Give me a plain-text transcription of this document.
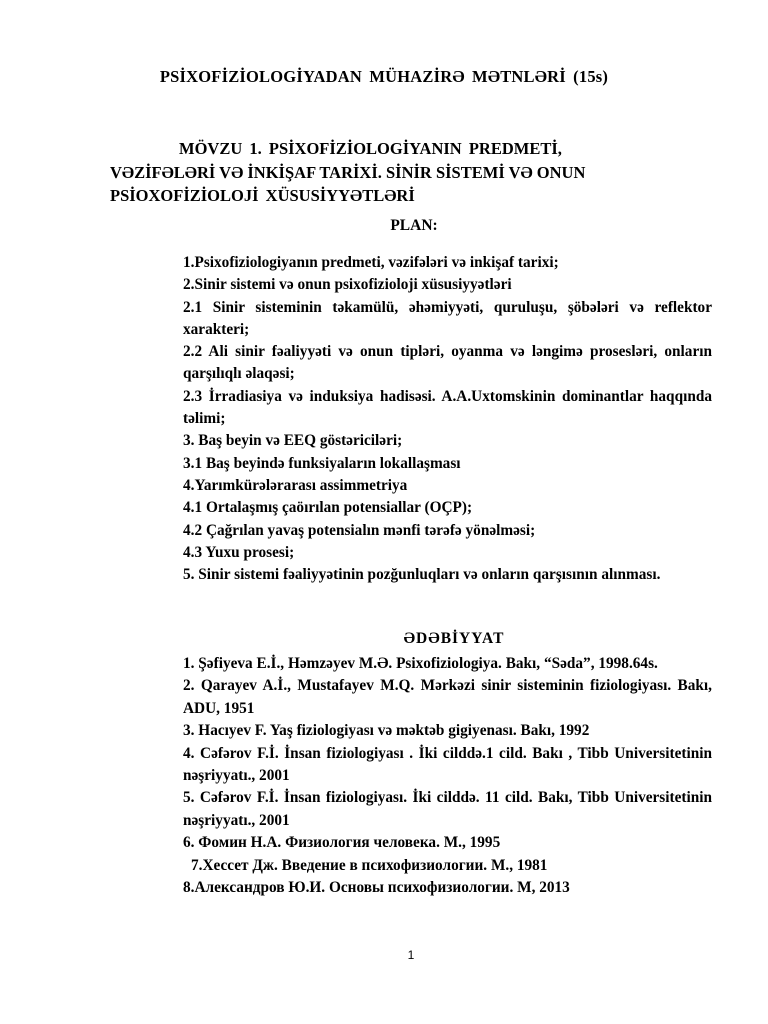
PSİXOFİZİOLOGİYADAN MÜHAZİRƏ MƏTNLƏRİ (15s)
MÖVZU 1. PSİXOFİZİOLOGİYANIN PREDMETİ,
VƏZİFƏLƏRİ VƏ İNKİŞAF TARİXİ. SİNİR SİSTEMİ VƏ ONUN
PSİOXOFİZİOLOJİ XÜSUSİYYƏTLƏRİ
PLAN:
1.Psixofiziologiyanın predmeti, vəzifələri və inkişaf tarixi;
2.Sinir sistemi və onun psixofizioloji xüsusiyyətləri
2.1 Sinir sisteminin təkamülü, əhəmiyyəti, quruluşu, şöbələri və reflektor xarakteri;
2.2 Ali sinir fəaliyyəti və onun tipləri, oyanma və ləngimə prosesləri, onların qarşılıqlı əlaqəsi;
2.3 İrradiasiya və induksiya hadisəsi. A.A.Uxtomskinin dominantlar haqqında təlimi;
3. Baş beyin və EEQ göstəriciləri;
3.1 Baş beyində funksiyaların lokallaşması
4.Yarımkürələrarası assimmetriya
4.1 Ortalaşmış çaöırılan potensiallar (OÇP);
4.2 Çağrılan yavaş potensialın mənfi tərəfə yönəlməsi;
4.3 Yuxu prosesi;
5. Sinir sistemi fəaliyyətinin pozğunluqları və onların qarşısının alınması.
ƏDƏBİYYAT
1. Şəfiyeva E.İ., Həmzəyev M.Ə. Psixofiziologiya. Bakı, “Səda”, 1998.64s.
2. Qarayev A.İ., Mustafayev M.Q. Mərkəzi sinir sisteminin fiziologiyası. Bakı, ADU, 1951
3. Hacıyev F. Yaş fiziologiyası və məktəb gigiyenası. Bakı, 1992
4. Cəfərov F.İ. İnsan fiziologiyası . İki cilddə.1 cild. Bakı , Tibb Universitetinin nəşriyyatı., 2001
5. Cəfərov F.İ. İnsan fiziologiyası. İki cilddə. 11 cild. Bakı, Tibb Universitetinin nəşriyyatı., 2001
6. Фомин Н.А. Физиология человека. М., 1995
7.Хессет Дж. Введение в психофизиологии. М., 1981
8.Александров Ю.И. Основы психофизиологии. М, 2013
1
